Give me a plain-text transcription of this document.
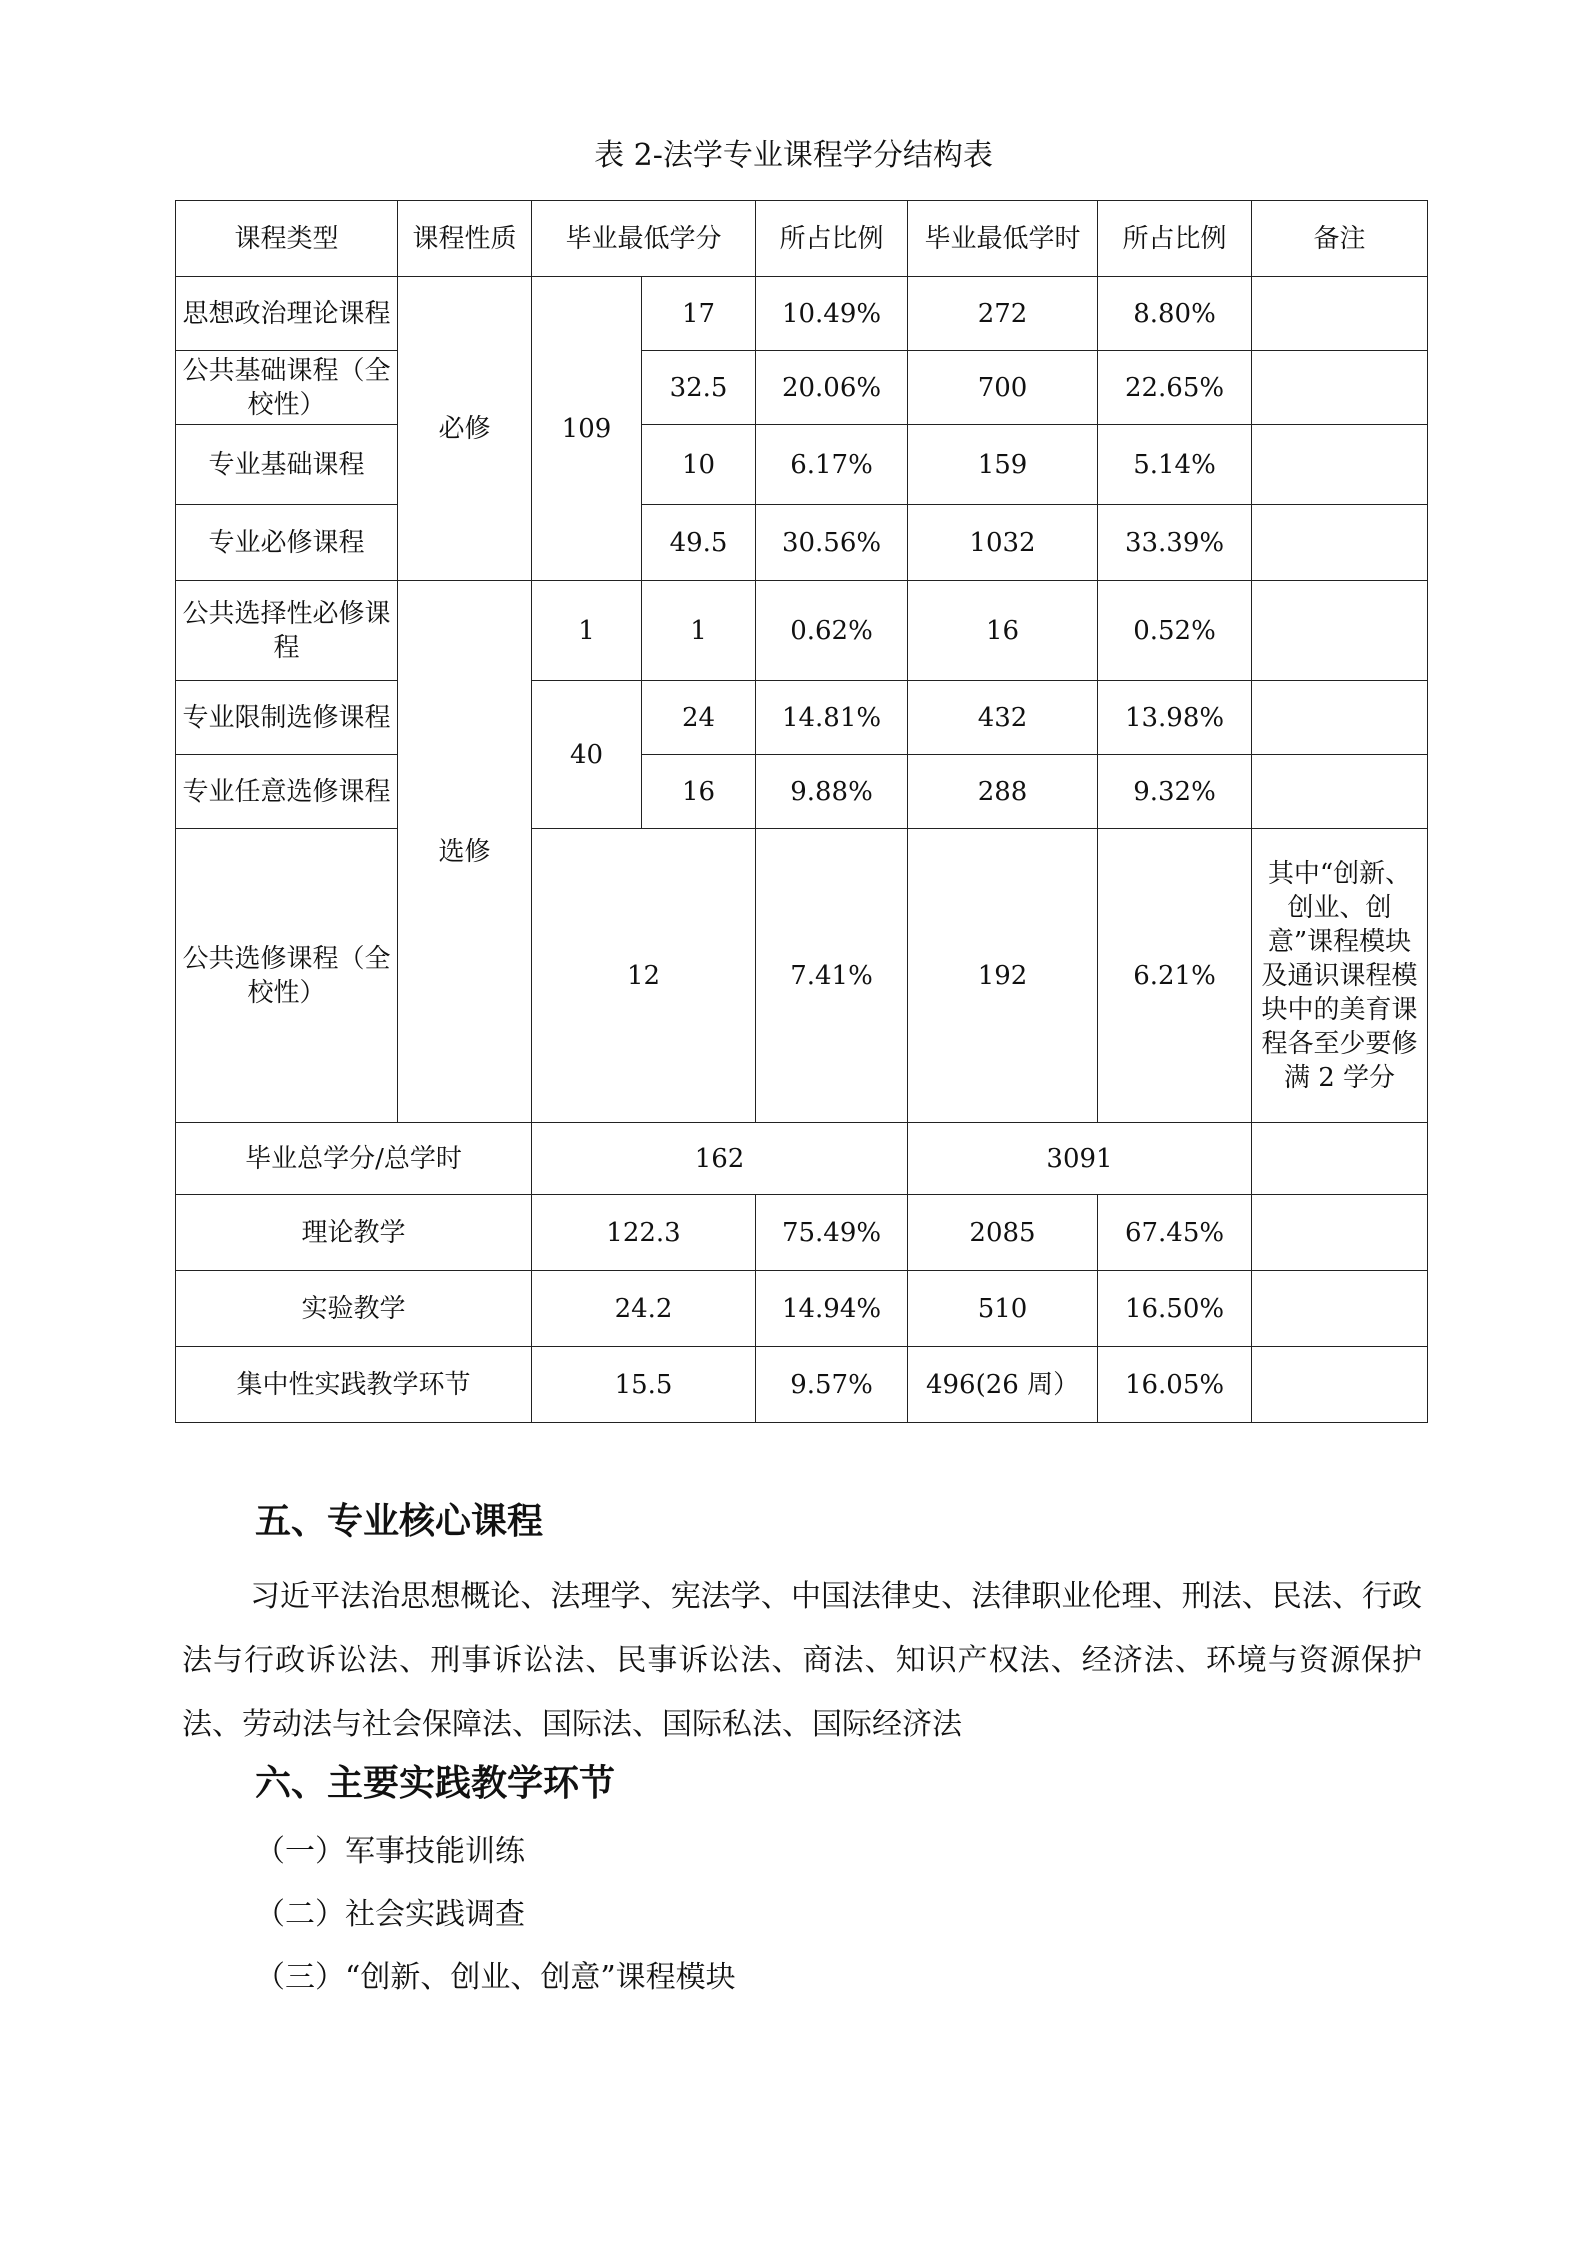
表 2-法学专业课程学分结构表
课程类型	课程性质	毕业最低学分		所占比例	毕业最低学时	所占比例	备注
思想政治理论课程	必修	109	17	10.49%	272	8.80%	
公共基础课程（全校性）			32.5	20.06%	700	22.65%	
专业基础课程			10	6.17%	159	5.14%	
专业必修课程			49.5	30.56%	1032	33.39%	
公共选择性必修课程	选修	1	1	0.62%	16	0.52%	
专业限制选修课程		40	24	14.81%	432	13.98%	
专业任意选修课程			16	9.88%	288	9.32%	
公共选修课程（全校性）		12		7.41%	192	6.21%	其中“创新、创业、创意”课程模块及通识课程模块中的美育课程各至少要修满 2 学分
毕业总学分/总学时		162			3091		
理论教学		122.3		75.49%	2085	67.45%	
实验教学		24.2		14.94%	510	16.50%	
集中性实践教学环节		15.5		9.57%	496(26 周）	16.05%	
五、专业核心课程
习近平法治思想概论、法理学、宪法学、中国法律史、法律职业伦理、刑法、民法、行政法与行政诉讼法、刑事诉讼法、民事诉讼法、商法、知识产权法、经济法、环境与资源保护法、劳动法与社会保障法、国际法、国际私法、国际经济法
六、主要实践教学环节
（一）军事技能训练
（二）社会实践调查
（三）“创新、创业、创意”课程模块
